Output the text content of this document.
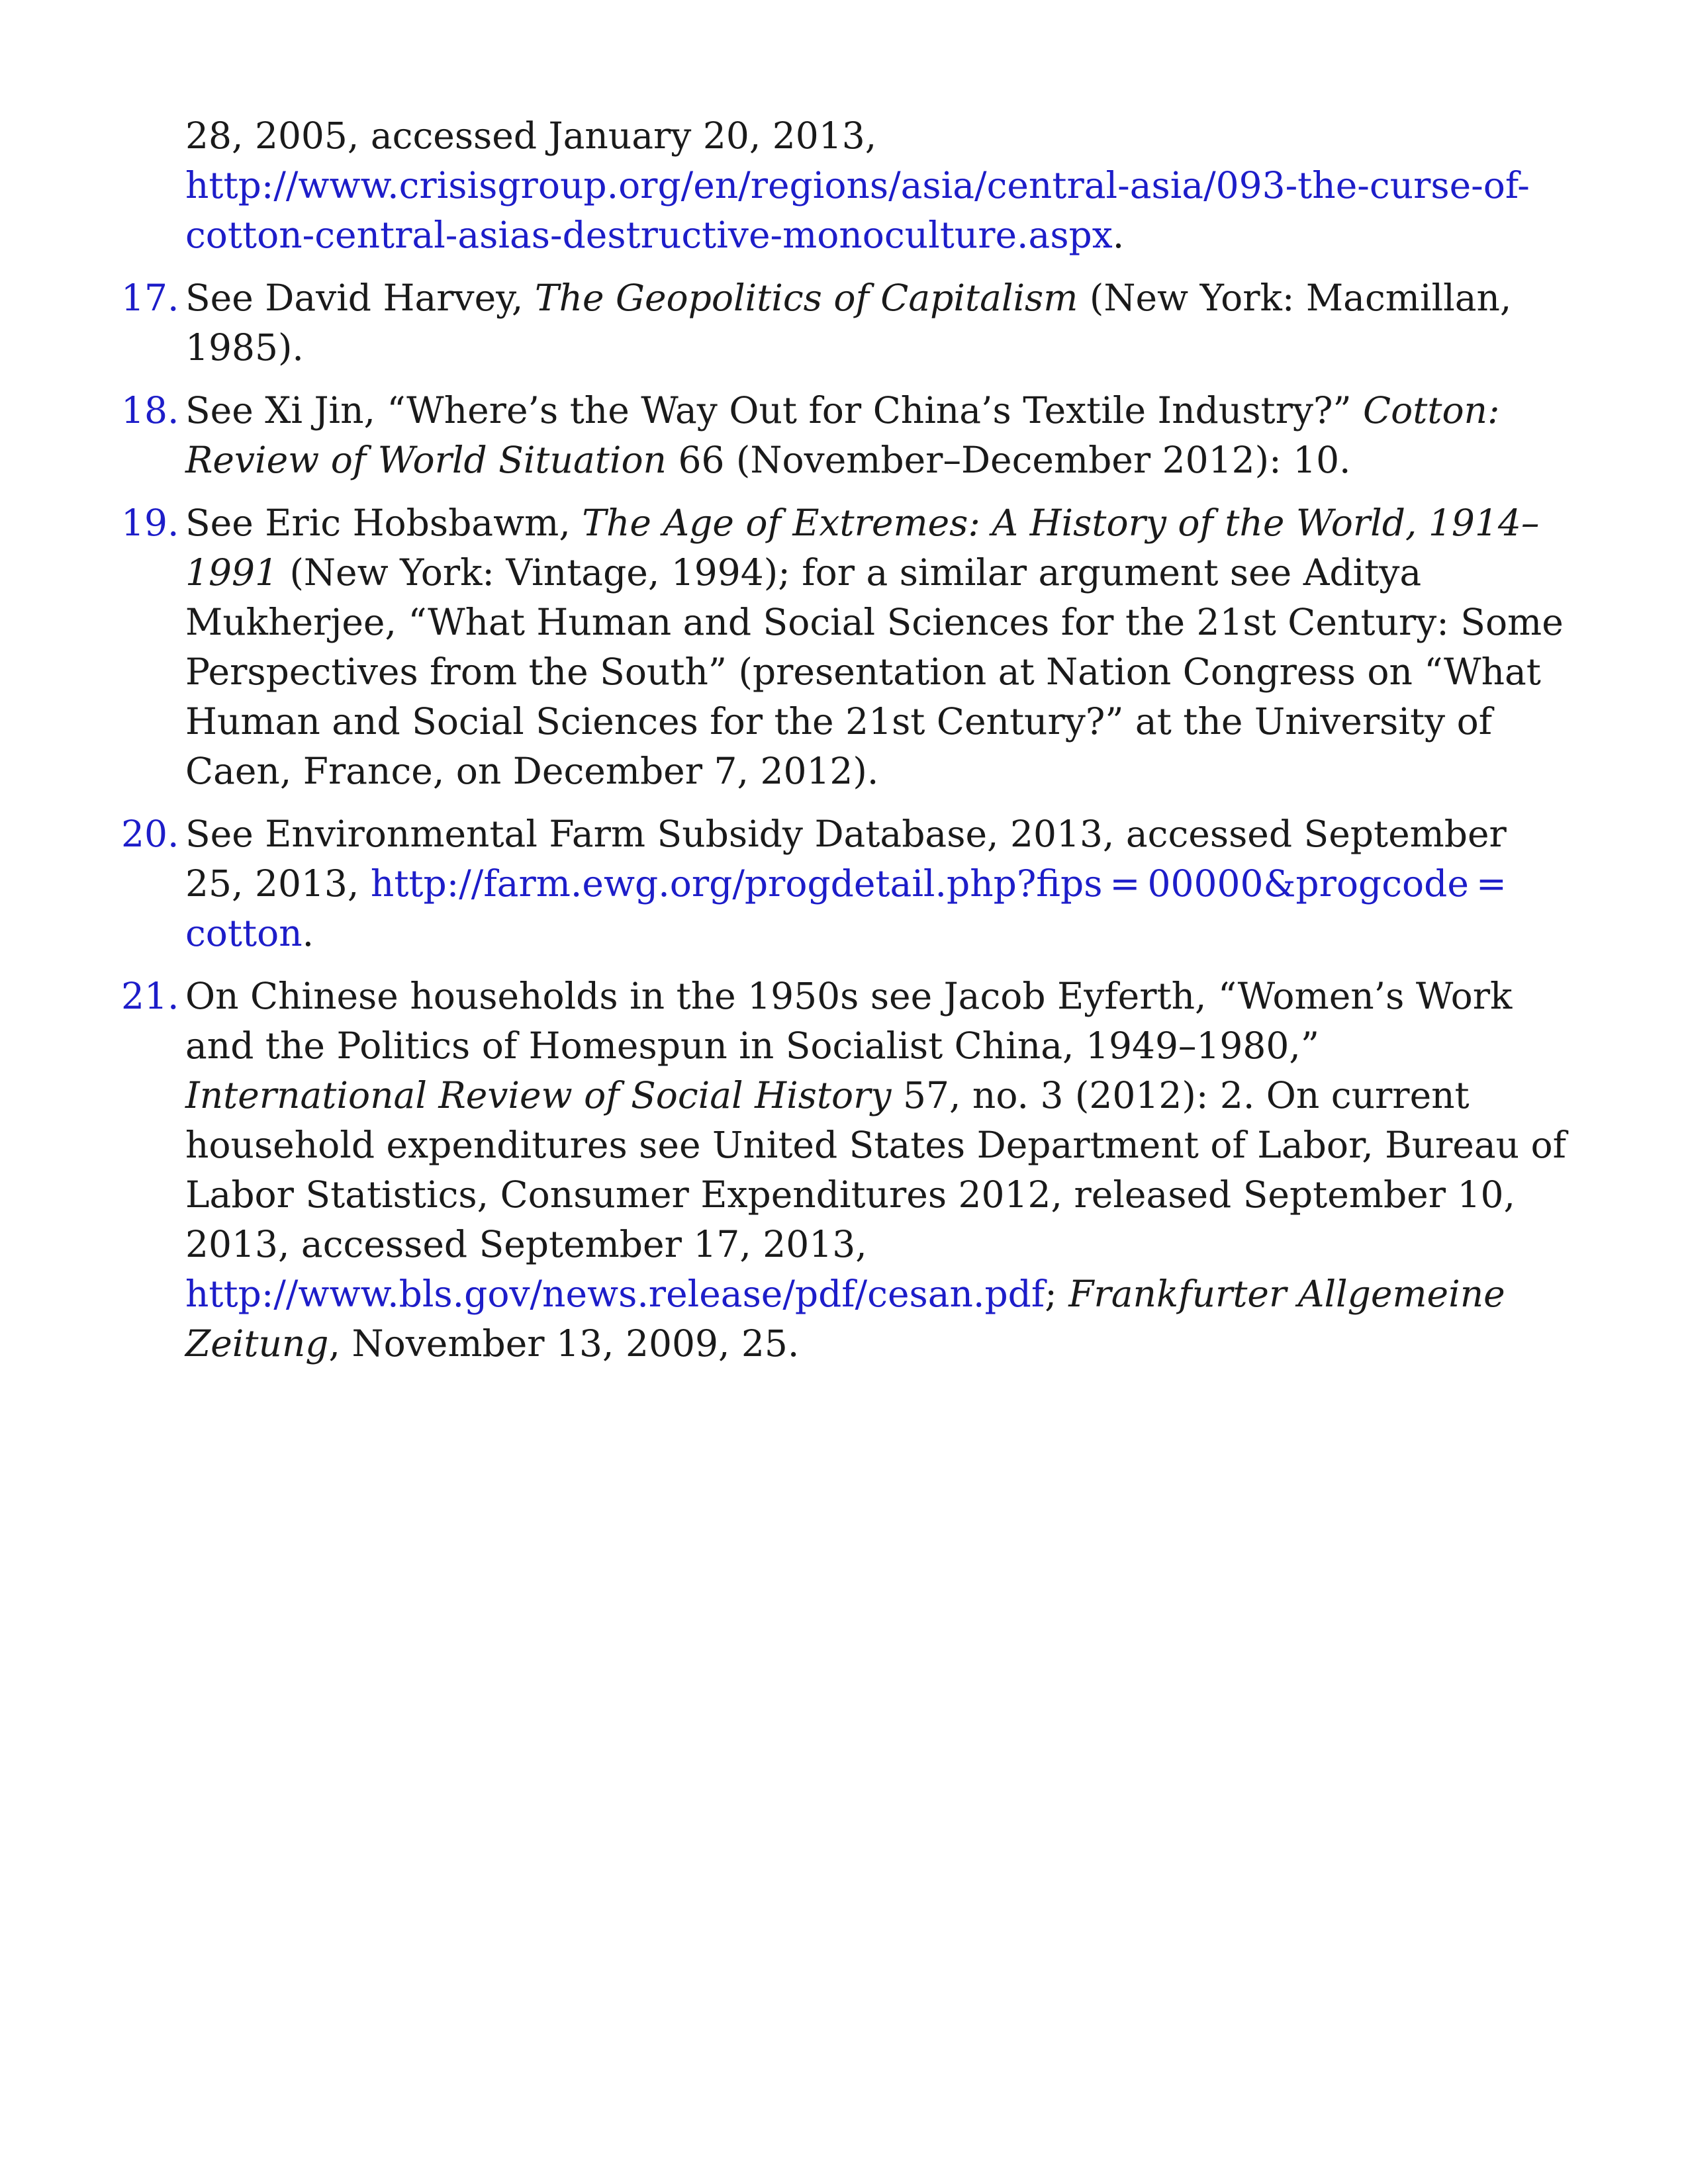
28, 2005, accessed January 20, 2013,
http://www.crisisgroup.org/en/regions/asia/central-asia/093-the-curse-​of-cotton-central-asias-destructive-monoculture.aspx.
17. See David Harvey, The Geopolitics of Capitalism (New York: Macmillan, 1985).
18. See Xi Jin, “Where’s the Way Out for China’s Textile Industry?” Cotton: Review of World Situation 66 (November–December 2012): 10.
19. See Eric Hobsbawm, The Age of Extremes: A History of the World, 1914–1991 (New York: Vintage, 1994); for a similar argument see Aditya Mukherjee, “What Human and Social Sciences for the 21st Century: Some Perspectives from the South” (presentation at Nation Congress on “What Human and Social Sciences for the 21st Century?” at the University of Caen, France, on December 7, 2012).
20. See Environmental Farm Subsidy Database, 2013, accessed September 25, 2013, http://farm.ewg.org/progdetail.php?​fips = 00000&progcode = cotton.
21. On Chinese households in the 1950s see Jacob Eyferth, “Women’s Work and the Politics of Homespun in Socialist China, 1949–1980,” International Review of Social History 57, no. 3 (2012): 2. On current household expenditures see United States Department of Labor, Bureau of Labor Statistics, Consumer Expenditures 2012, released September 10, 2013, accessed September 17, 2013, http://www.bls.gov/news.release/pdf/cesan.pdf; Frankfurter Allgemeine Zeitung, November 13, 2009, 25.
